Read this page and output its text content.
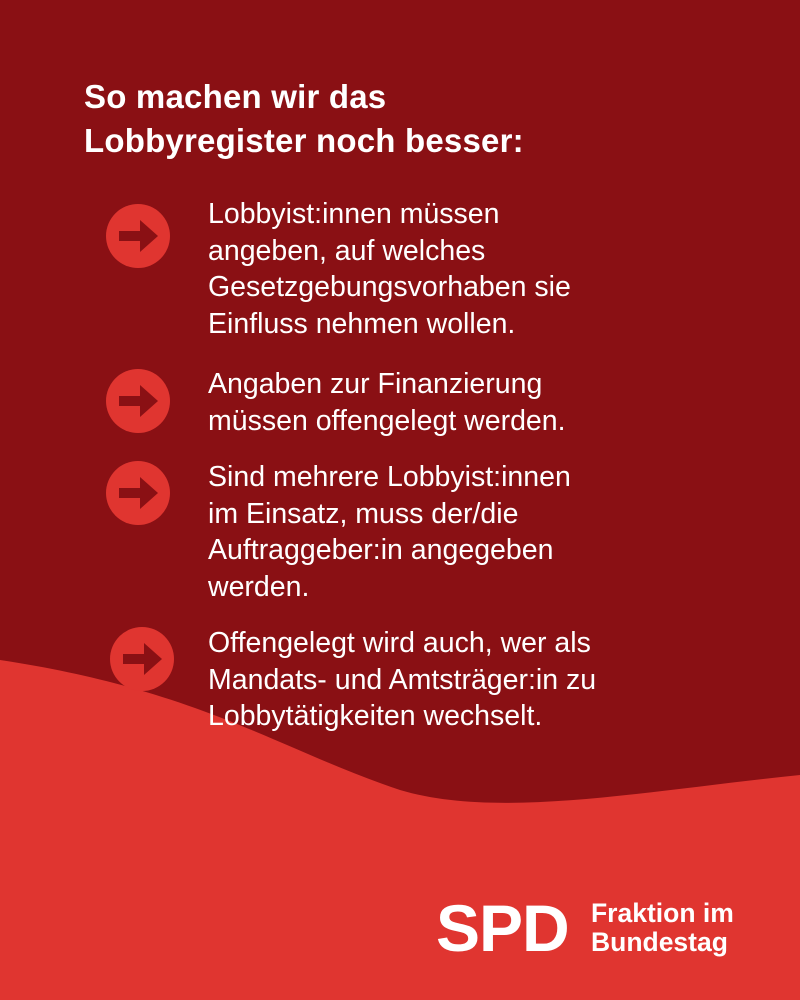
So machen wir das
Lobbyregister noch besser:

Lobbyist:innen müssen
angeben, auf welches
Gesetzgebungsvorhaben sie
Einfluss nehmen wollen.

Angaben zur Finanzierung
müssen offengelegt werden.

Sind mehrere Lobbyist:innen
im Einsatz, muss der/die
Auftraggeber:in angegeben
werden.

Offengelegt wird auch, wer als
Mandats- und Amtsträger:in zu
Lobbytätigkeiten wechselt.

SPD Fraktion im
Bundestag
